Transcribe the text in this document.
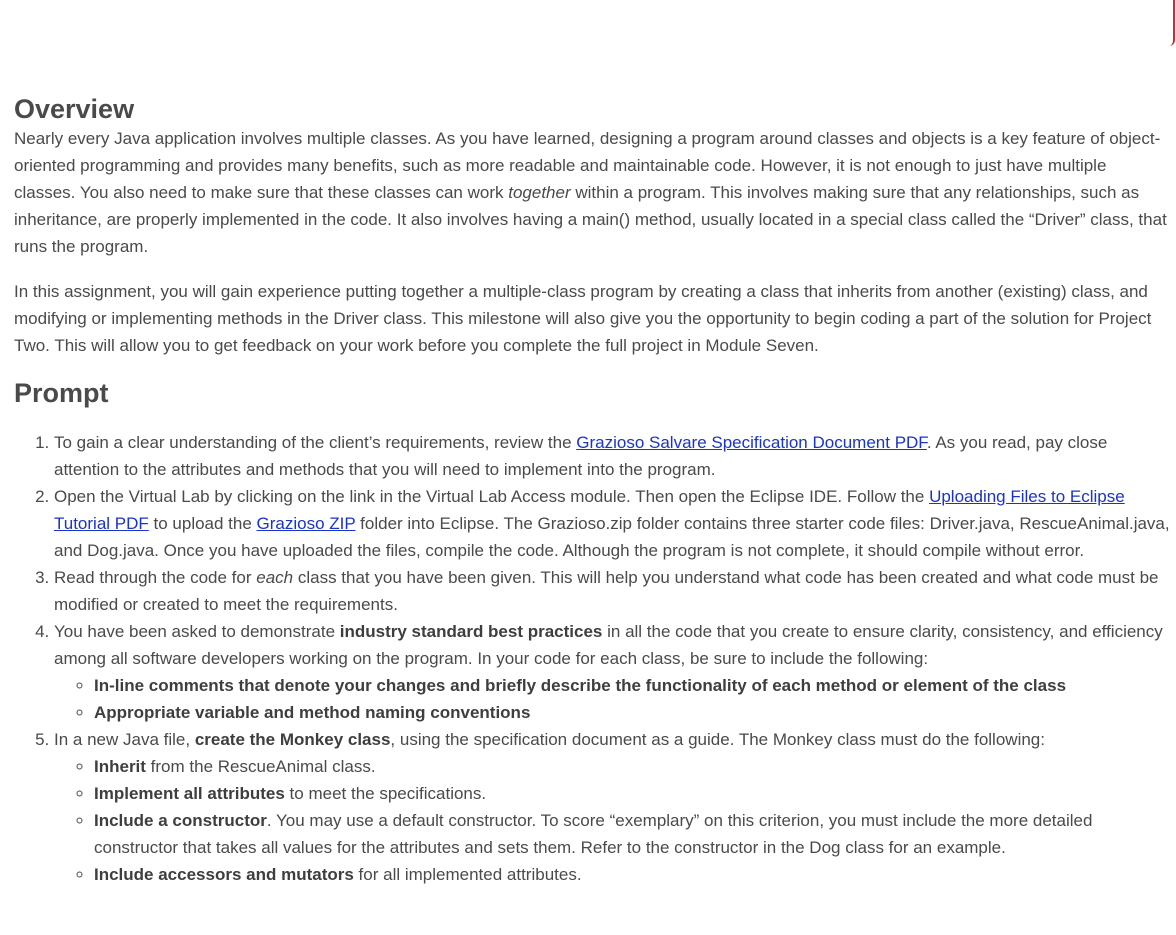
Overview

Nearly every Java application involves multiple classes. As you have learned, designing a program around classes and objects is a key feature of object-oriented programming and provides many benefits, such as more readable and maintainable code. However, it is not enough to just have multiple classes. You also need to make sure that these classes can work together within a program. This involves making sure that any relationships, such as inheritance, are properly implemented in the code. It also involves having a main() method, usually located in a special class called the “Driver” class, that runs the program.

In this assignment, you will gain experience putting together a multiple-class program by creating a class that inherits from another (existing) class, and modifying or implementing methods in the Driver class. This milestone will also give you the opportunity to begin coding a part of the solution for Project Two. This will allow you to get feedback on your work before you complete the full project in Module Seven.

Prompt
1. To gain a clear understanding of the client’s requirements, review the Grazioso Salvare Specification Document PDF. As you read, pay close attention to the attributes and methods that you will need to implement into the program.
2. Open the Virtual Lab by clicking on the link in the Virtual Lab Access module. Then open the Eclipse IDE. Follow the Uploading Files to Eclipse Tutorial PDF to upload the Grazioso ZIP folder into Eclipse. The Grazioso.zip folder contains three starter code files: Driver.java, RescueAnimal.java, and Dog.java. Once you have uploaded the files, compile the code. Although the program is not complete, it should compile without error.
3. Read through the code for each class that you have been given. This will help you understand what code has been created and what code must be modified or created to meet the requirements.
4. You have been asked to demonstrate industry standard best practices in all the code that you create to ensure clarity, consistency, and efficiency among all software developers working on the program. In your code for each class, be sure to include the following:
◦ In-line comments that denote your changes and briefly describe the functionality of each method or element of the class
◦ Appropriate variable and method naming conventions
5. In a new Java file, create the Monkey class, using the specification document as a guide. The Monkey class must do the following:
◦ Inherit from the RescueAnimal class.
◦ Implement all attributes to meet the specifications.
◦ Include a constructor. You may use a default constructor. To score “exemplary” on this criterion, you must include the more detailed constructor that takes all values for the attributes and sets them. Refer to the constructor in the Dog class for an example.
◦ Include accessors and mutators for all implemented attributes.
